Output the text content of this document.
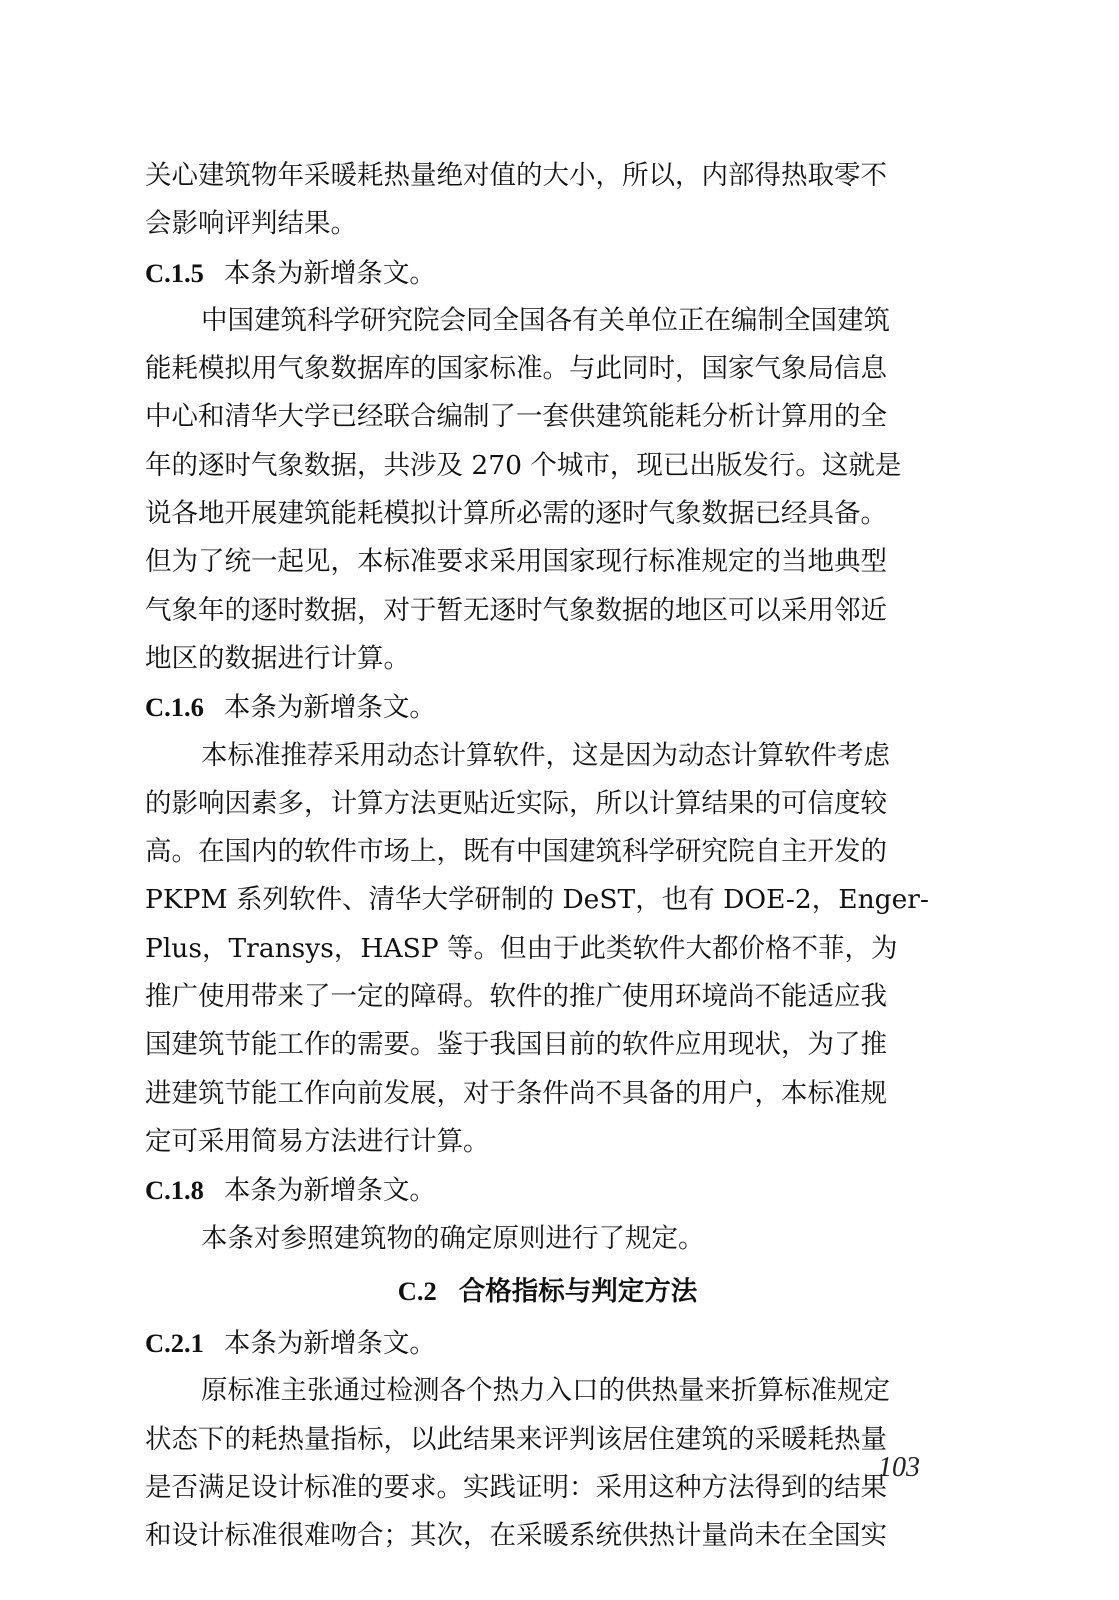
关心建筑物年采暖耗热量绝对值的大小，所以，内部得热取零不
会影响评判结果。
C.1.5 本条为新增条文。
中国建筑科学研究院会同全国各有关单位正在编制全国建筑
能耗模拟用气象数据库的国家标准。与此同时，国家气象局信息
中心和清华大学已经联合编制了一套供建筑能耗分析计算用的全
年的逐时气象数据，共涉及 270 个城市，现已出版发行。这就是
说各地开展建筑能耗模拟计算所必需的逐时气象数据已经具备。
但为了统一起见，本标准要求采用国家现行标准规定的当地典型
气象年的逐时数据，对于暂无逐时气象数据的地区可以采用邻近
地区的数据进行计算。
C.1.6 本条为新增条文。
本标准推荐采用动态计算软件，这是因为动态计算软件考虑
的影响因素多，计算方法更贴近实际，所以计算结果的可信度较
高。在国内的软件市场上，既有中国建筑科学研究院自主开发的
PKPM 系列软件、清华大学研制的 DeST，也有 DOE-2，Enger-
Plus，Transys，HASP 等。但由于此类软件大都价格不菲，为
推广使用带来了一定的障碍。软件的推广使用环境尚不能适应我
国建筑节能工作的需要。鉴于我国目前的软件应用现状，为了推
进建筑节能工作向前发展，对于条件尚不具备的用户，本标准规
定可采用简易方法进行计算。
C.1.8 本条为新增条文。
本条对参照建筑物的确定原则进行了规定。
C.2 合格指标与判定方法
C.2.1 本条为新增条文。
原标准主张通过检测各个热力入口的供热量来折算标准规定
状态下的耗热量指标，以此结果来评判该居住建筑的采暖耗热量
是否满足设计标准的要求。实践证明：采用这种方法得到的结果
和设计标准很难吻合；其次，在采暖系统供热计量尚未在全国实
103
